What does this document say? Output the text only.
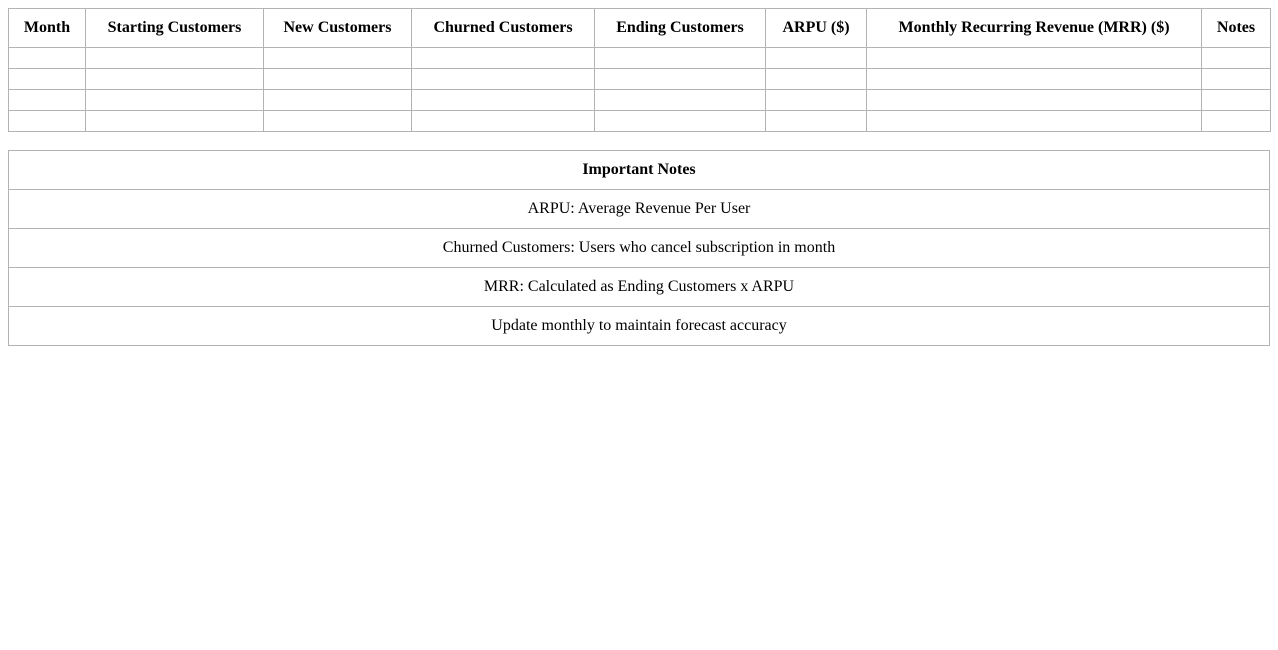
Month	Starting Customers	New Customers	Churned Customers	Ending Customers	ARPU ($)	Monthly Recurring Revenue (MRR) ($)	Notes

Important Notes
ARPU: Average Revenue Per User
Churned Customers: Users who cancel subscription in month
MRR: Calculated as Ending Customers x ARPU
Update monthly to maintain forecast accuracy
